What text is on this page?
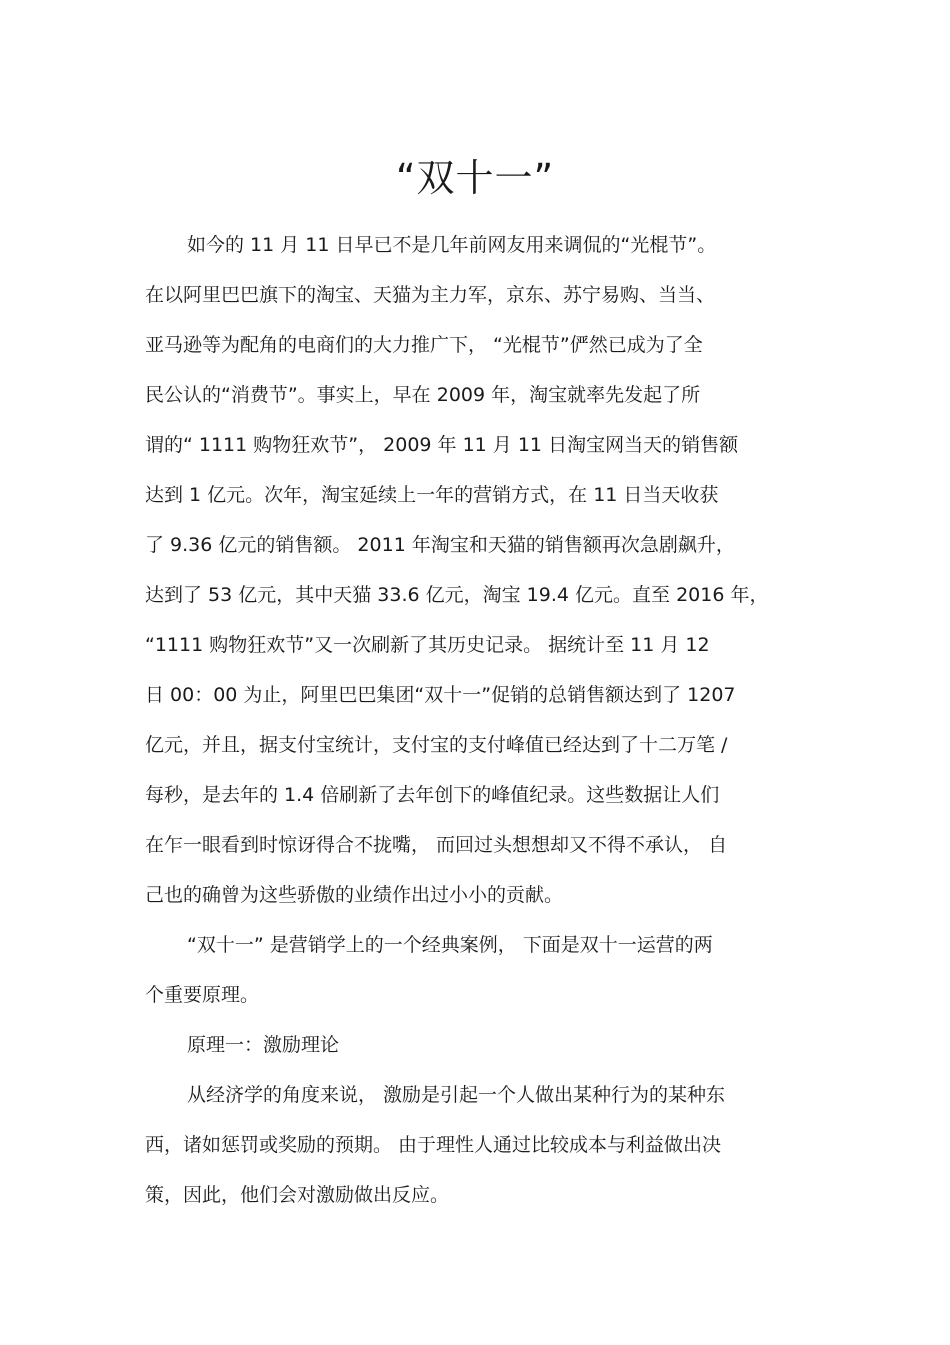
“双十一”

如今的 11 月 11 日早已不是几年前网友用来调侃的“光棍节”。

在以阿里巴巴旗下的淘宝、天猫为主力军，京东、苏宁易购、当当、

亚马逊等为配角的电商们的大力推广下， “光棍节”俨然已成为了全

民公认的“消费节”。事实上，早在 2009 年，淘宝就率先发起了所

谓的“ 1111 购物狂欢节”， 2009 年 11 月 11 日淘宝网当天的销售额

达到 1 亿元。次年，淘宝延续上一年的营销方式，在 11 日当天收获

了 9.36 亿元的销售额。 2011 年淘宝和天猫的销售额再次急剧飙升，

达到了 53 亿元，其中天猫 33.6 亿元，淘宝 19.4 亿元。直至 2016 年，

“1111 购物狂欢节”又一次刷新了其历史记录。 据统计至 11 月 12

日 00：00 为止，阿里巴巴集团“双十一”促销的总销售额达到了 1207

亿元，并且，据支付宝统计，支付宝的支付峰值已经达到了十二万笔 /

每秒，是去年的 1.4 倍刷新了去年创下的峰值纪录。这些数据让人们

在乍一眼看到时惊讶得合不拢嘴， 而回过头想想却又不得不承认， 自

己也的确曾为这些骄傲的业绩作出过小小的贡献。

“双十一” 是营销学上的一个经典案例， 下面是双十一运营的两

个重要原理。

原理一：激励理论

从经济学的角度来说， 激励是引起一个人做出某种行为的某种东

西，诸如惩罚或奖励的预期。 由于理性人通过比较成本与利益做出决

策，因此，他们会对激励做出反应。
